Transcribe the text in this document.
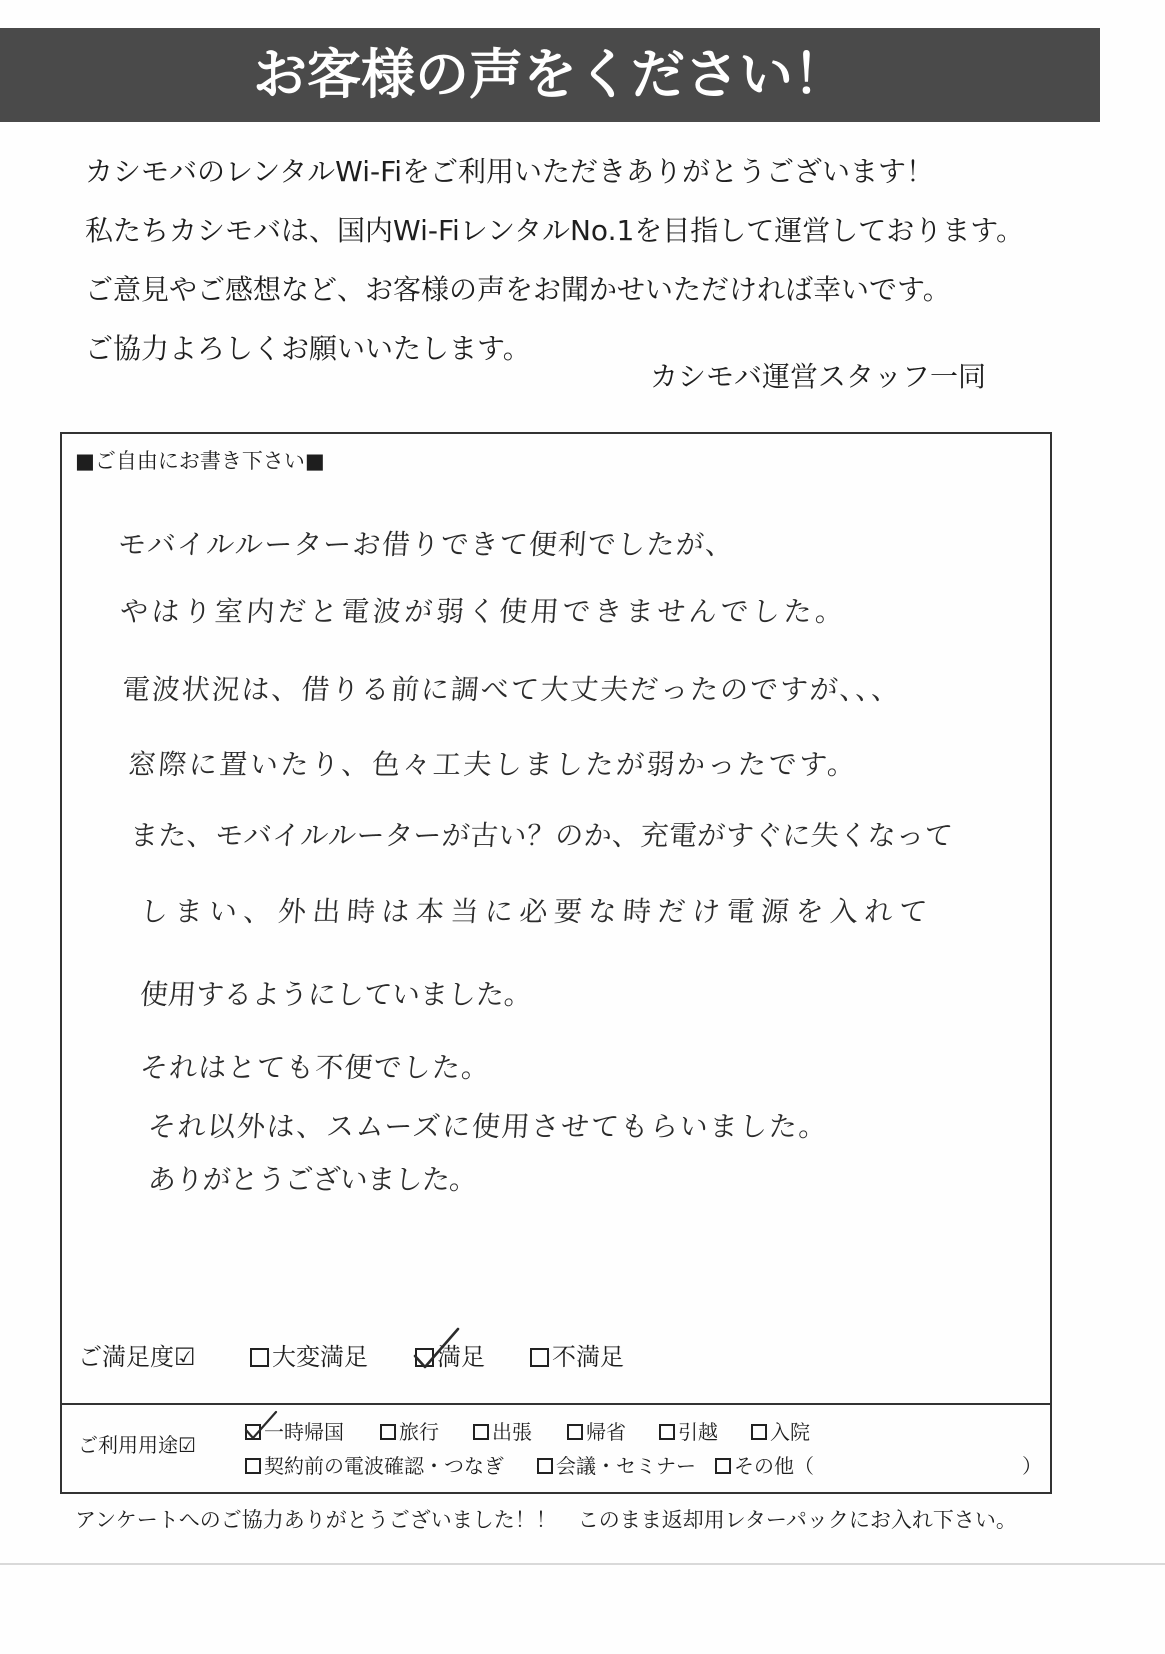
お客様の声をください！
カシモバのレンタルWi-Fiをご利用いただきありがとうございます！
私たちカシモバは、国内Wi-FiレンタルNo.1を目指して運営しております。
ご意見やご感想など、お客様の声をお聞かせいただければ幸いです。
ご協力よろしくお願いいたします。
カシモバ運営スタッフ一同
■ご自由にお書き下さい■
モバイルルーターお借りできて便利でしたが、
やはり室内だと電波が弱く使用できませんでした。
電波状況は、借りる前に調べて大丈夫だったのですが、、、
窓際に置いたり、色々工夫しましたが弱かったです。
また、モバイルルーターが古い？のか、充電がすぐに失くなって
しまい、外出時は本当に必要な時だけ電源を入れて
使用するようにしていました。
それはとても不便でした。
それ以外は、スムーズに使用させてもらいました。
ありがとうございました。
ご満足度☑	大変満足	満足	不満足
ご利用用途☑
一時帰国	旅行	出張	帰省	引越	入院
契約前の電波確認・つなぎ	会議・セミナー その他（	）
アンケートへのご協力ありがとうございました！！　このまま返却用レターパックにお入れ下さい。
